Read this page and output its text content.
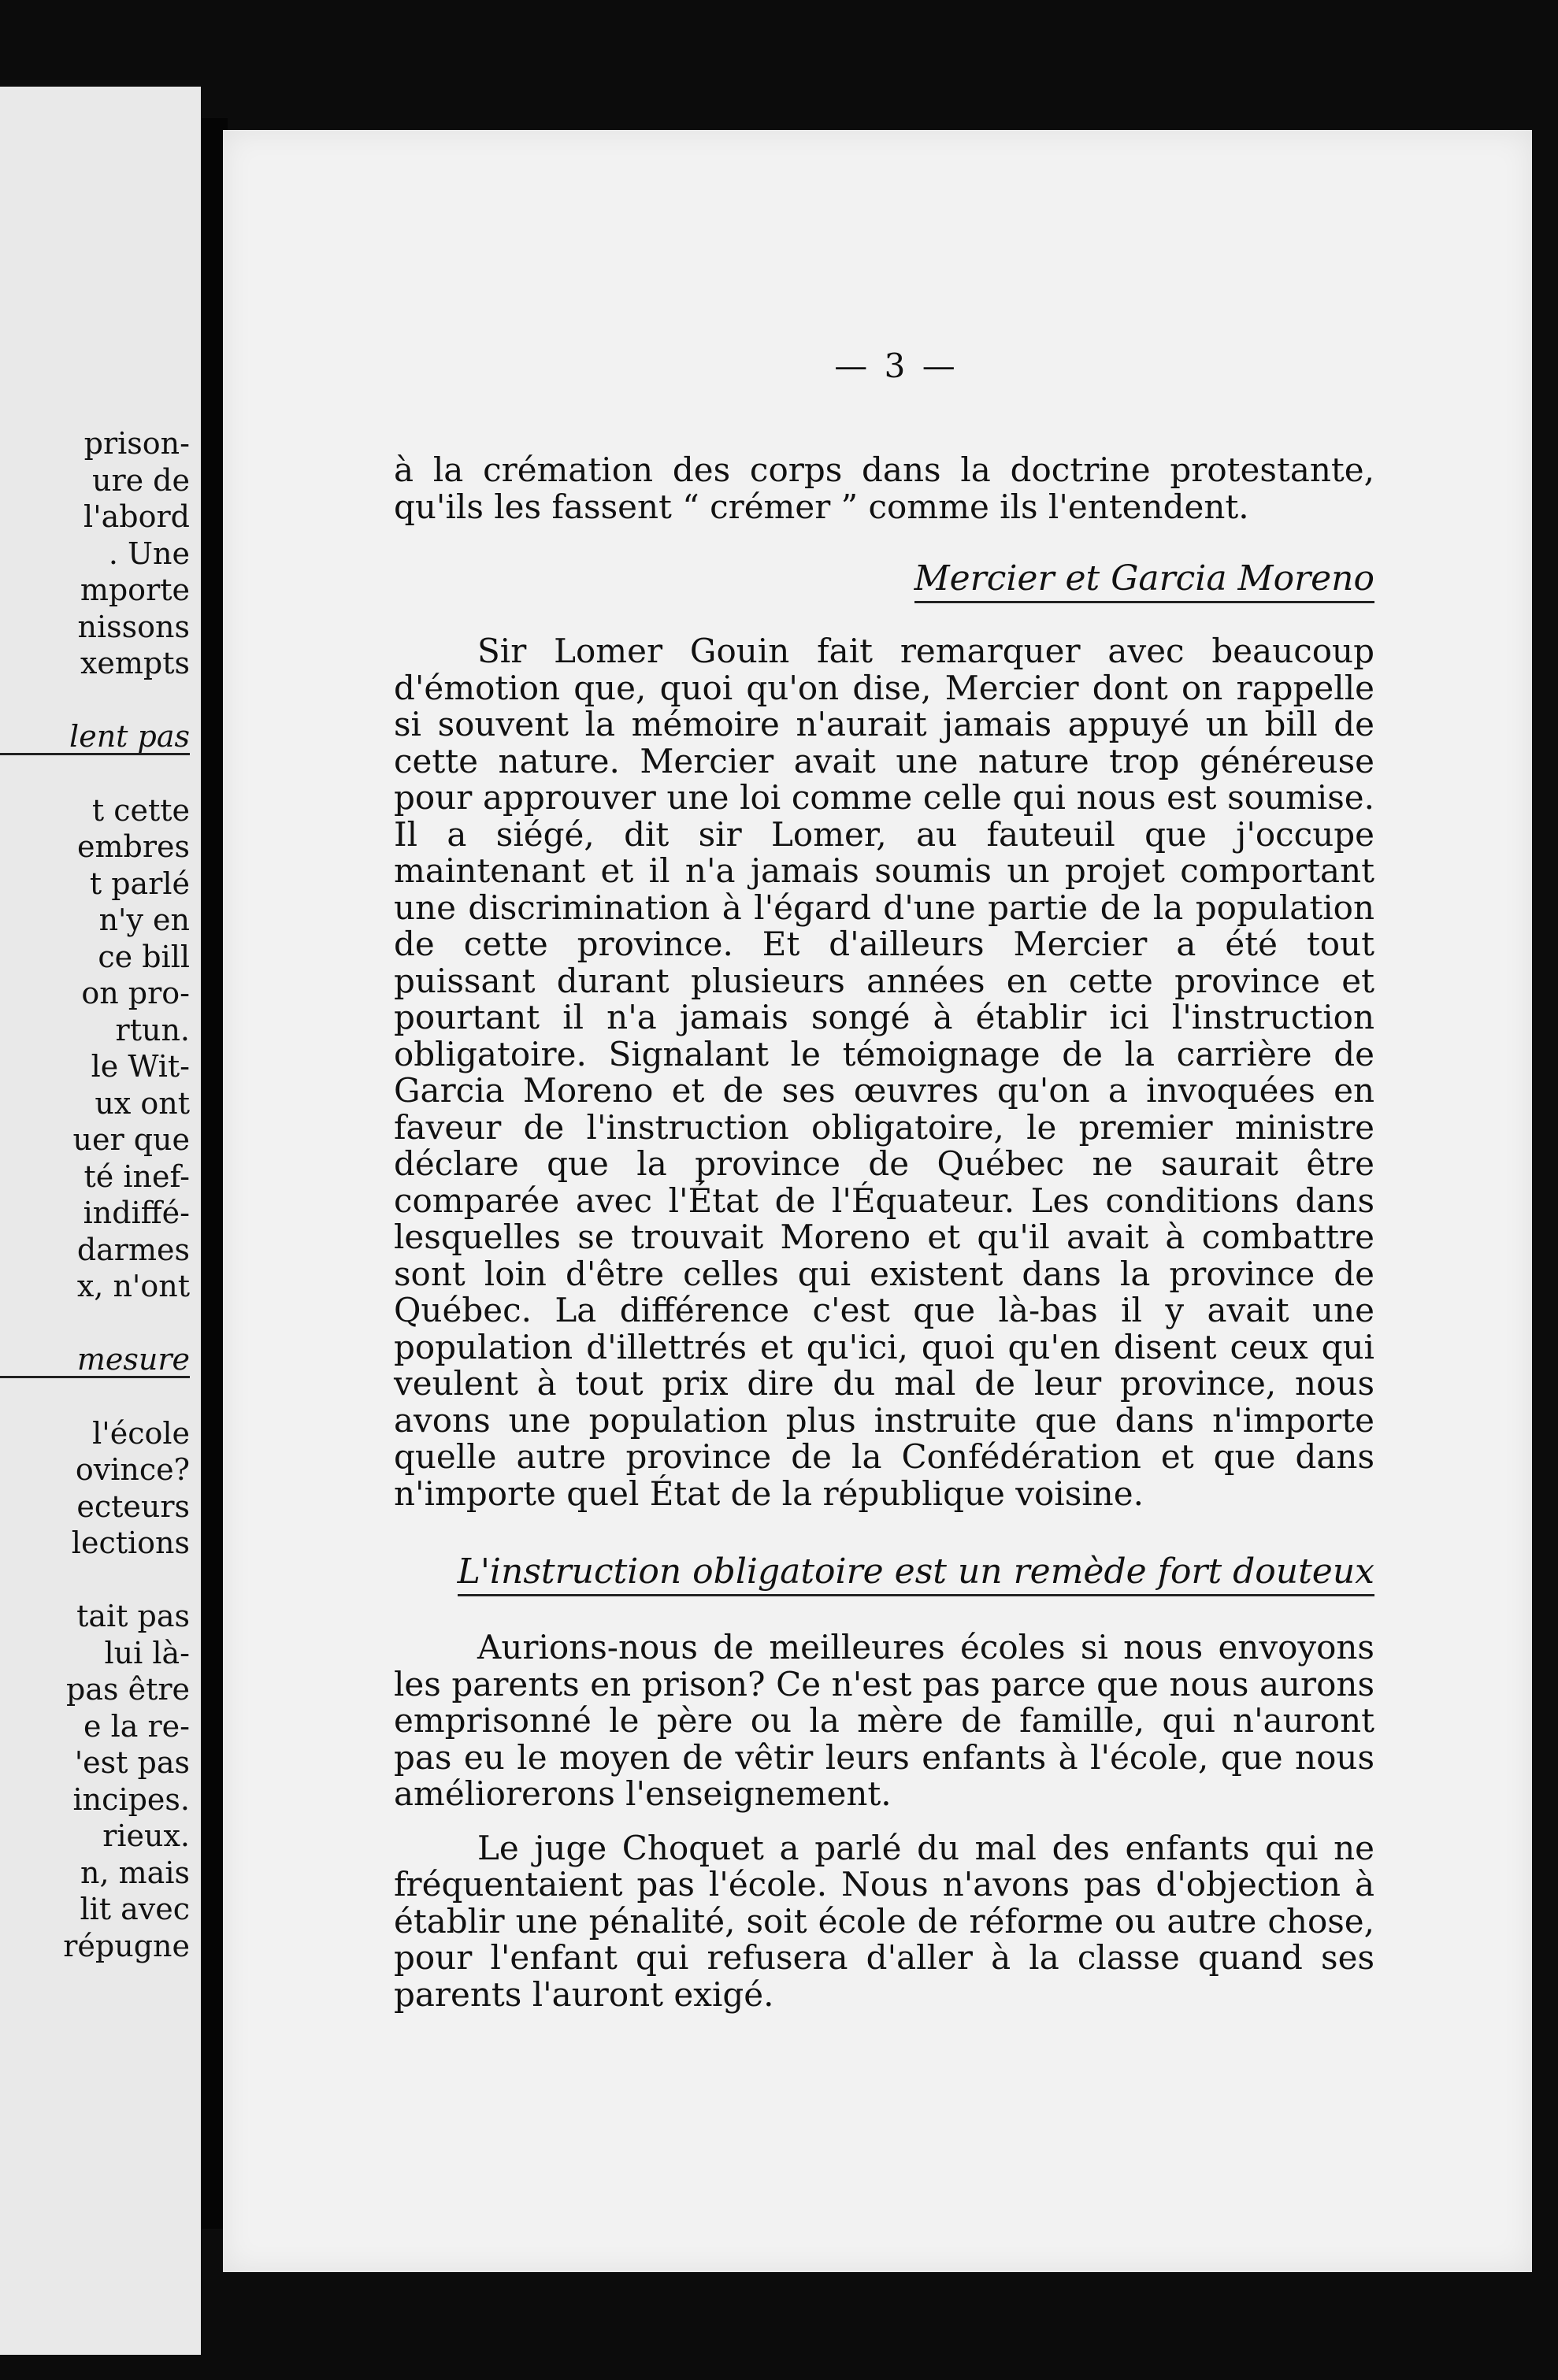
prison-
ure de
l'abord
. Une
mporte
nissons
xempts
lent pas
t cette
embres
t parlé
n'y en
ce bill
on pro-
rtun.
le Wit-
ux ont
uer que
té inef-
indiffé-
darmes
x, n'ont
mesure
l'école
ovince?
ecteurs
lections
tait pas
lui là-
pas être
e la re-
'est pas
incipes.
rieux.
n, mais
lit avec
répugne
— 3 —

à la crémation des corps dans la doctrine protestante, qu'ils les fassent “ crémer ” comme ils l'entendent.

Mercier et Garcia Moreno

Sir Lomer Gouin fait remarquer avec beaucoup d'émotion que, quoi qu'on dise, Mercier dont on rappelle si souvent la mémoire n'aurait jamais appuyé un bill de cette nature. Mercier avait une nature trop généreuse pour approuver une loi comme celle qui nous est soumise. Il a siégé, dit sir Lomer, au fauteuil que j'occupe maintenant et il n'a jamais soumis un projet comportant une discrimination à l'égard d'une partie de la population de cette province. Et d'ailleurs Mercier a été tout puissant durant plusieurs années en cette province et pourtant il n'a jamais songé à établir ici l'instruction obligatoire. Signalant le témoignage de la carrière de Garcia Moreno et de ses œuvres qu'on a invoquées en faveur de l'instruction obligatoire, le premier ministre déclare que la province de Québec ne saurait être comparée avec l'État de l'Équateur. Les conditions dans lesquelles se trouvait Moreno et qu'il avait à combattre sont loin d'être celles qui existent dans la province de Québec. La différence c'est que là-bas il y avait une population d'illettrés et qu'ici, quoi qu'en disent ceux qui veulent à tout prix dire du mal de leur province, nous avons une population plus instruite que dans n'importe quelle autre province de la Confédération et que dans n'importe quel État de la république voisine.

L'instruction obligatoire est un remède fort douteux

Aurions-nous de meilleures écoles si nous envoyons les parents en prison? Ce n'est pas parce que nous aurons emprisonné le père ou la mère de famille, qui n'auront pas eu le moyen de vêtir leurs enfants à l'école, que nous améliorerons l'enseignement.

Le juge Choquet a parlé du mal des enfants qui ne fréquentaient pas l'école. Nous n'avons pas d'objection à établir une pénalité, soit école de réforme ou autre chose, pour l'enfant qui refusera d'aller à la classe quand ses parents l'auront exigé.
